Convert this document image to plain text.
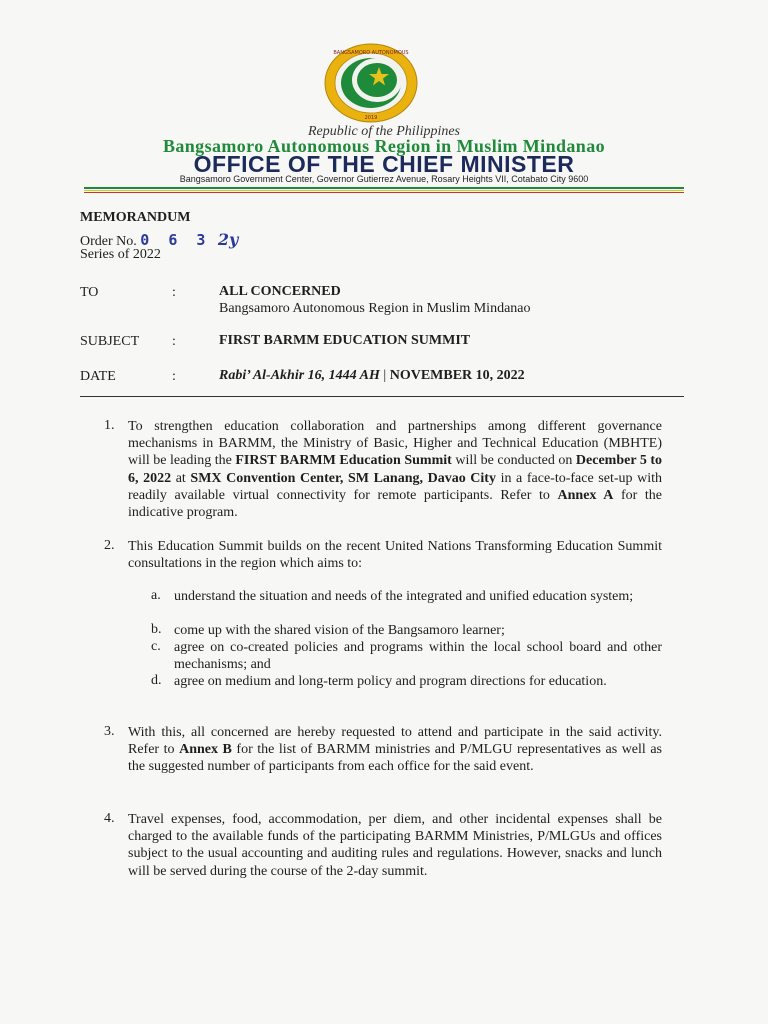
BANGSAMORO AUTONOMOUS
2019
Republic of the Philippines
Bangsamoro Autonomous Region in Muslim Mindanao
OFFICE OF THE CHIEF MINISTER
Bangsamoro Government Center, Governor Gutierrez Avenue, Rosary Heights VII, Cotabato City 9600
MEMORANDUM
Order No. 0 6 3 2y
Series of 2022
TO	:	ALL CONCERNED
Bangsamoro Autonomous Region in Muslim Mindanao
SUBJECT :	FIRST BARMM EDUCATION SUMMIT
DATE	:	Rabi’ Al-Akhir 16, 1444 AH | NOVEMBER 10, 2022
1. To strengthen education collaboration and partnerships among different governance mechanisms in BARMM, the Ministry of Basic, Higher and Technical Education (MBHTE) will be leading the FIRST BARMM Education Summit will be conducted on December 5 to 6, 2022 at SMX Convention Center, SM Lanang, Davao City in a face-to-face set-up with readily available virtual connectivity for remote participants. Refer to Annex A for the indicative program.
2. This Education Summit builds on the recent United Nations Transforming Education Summit consultations in the region which aims to:
a. understand the situation and needs of the integrated and unified education system;
b. come up with the shared vision of the Bangsamoro learner;
c. agree on co-created policies and programs within the local school board and other mechanisms; and
d. agree on medium and long-term policy and program directions for education.
3. With this, all concerned are hereby requested to attend and participate in the said activity. Refer to Annex B for the list of BARMM ministries and P/MLGU representatives as well as the suggested number of participants from each office for the said event.
4. Travel expenses, food, accommodation, per diem, and other incidental expenses shall be charged to the available funds of the participating BARMM Ministries, P/MLGUs and offices subject to the usual accounting and auditing rules and regulations. However, snacks and lunch will be served during the course of the 2-day summit.
